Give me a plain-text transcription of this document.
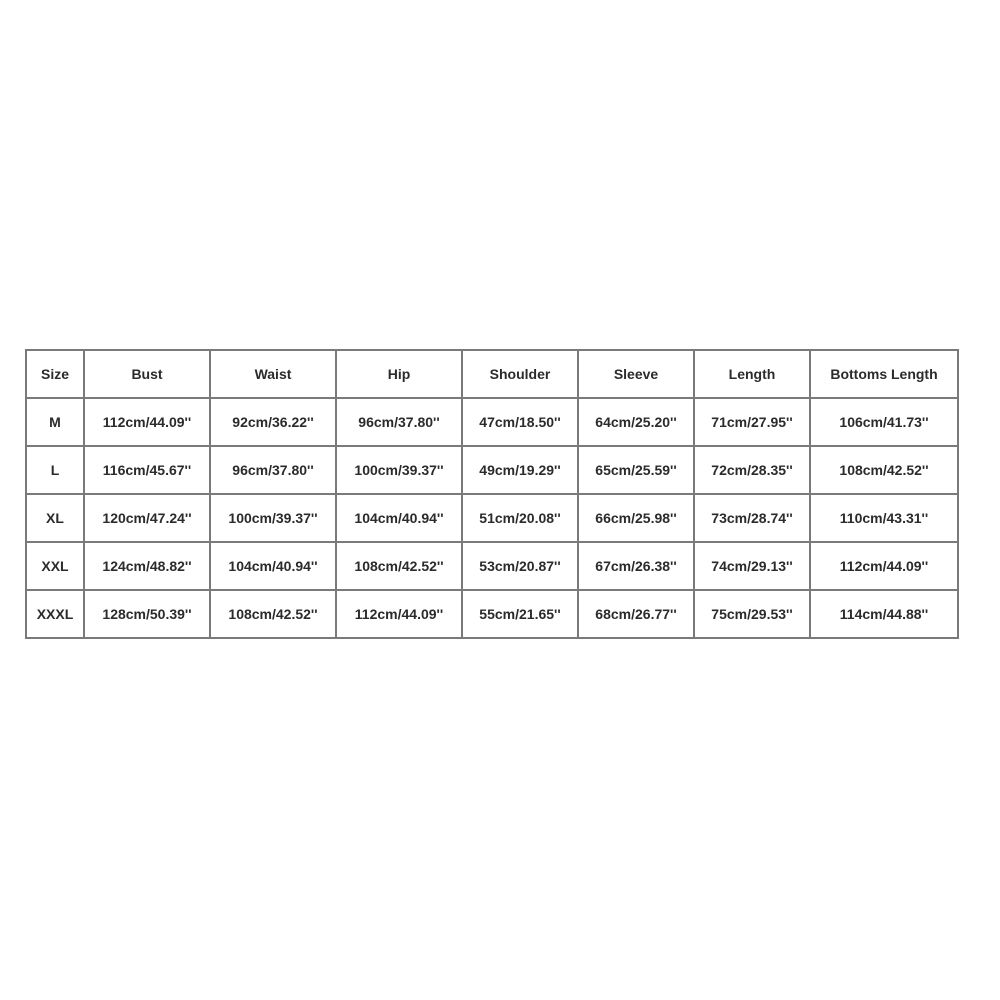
Size	Bust	Waist	Hip	Shoulder	Sleeve	Length	Bottoms Length
M	112cm/44.09''	92cm/36.22''	96cm/37.80''	47cm/18.50''	64cm/25.20''	71cm/27.95''	106cm/41.73''
L	116cm/45.67''	96cm/37.80''	100cm/39.37''	49cm/19.29''	65cm/25.59''	72cm/28.35''	108cm/42.52''
XL	120cm/47.24''	100cm/39.37''	104cm/40.94''	51cm/20.08''	66cm/25.98''	73cm/28.74''	110cm/43.31''
XXL	124cm/48.82''	104cm/40.94''	108cm/42.52''	53cm/20.87''	67cm/26.38''	74cm/29.13''	112cm/44.09''
XXXL	128cm/50.39''	108cm/42.52''	112cm/44.09''	55cm/21.65''	68cm/26.77''	75cm/29.53''	114cm/44.88''
